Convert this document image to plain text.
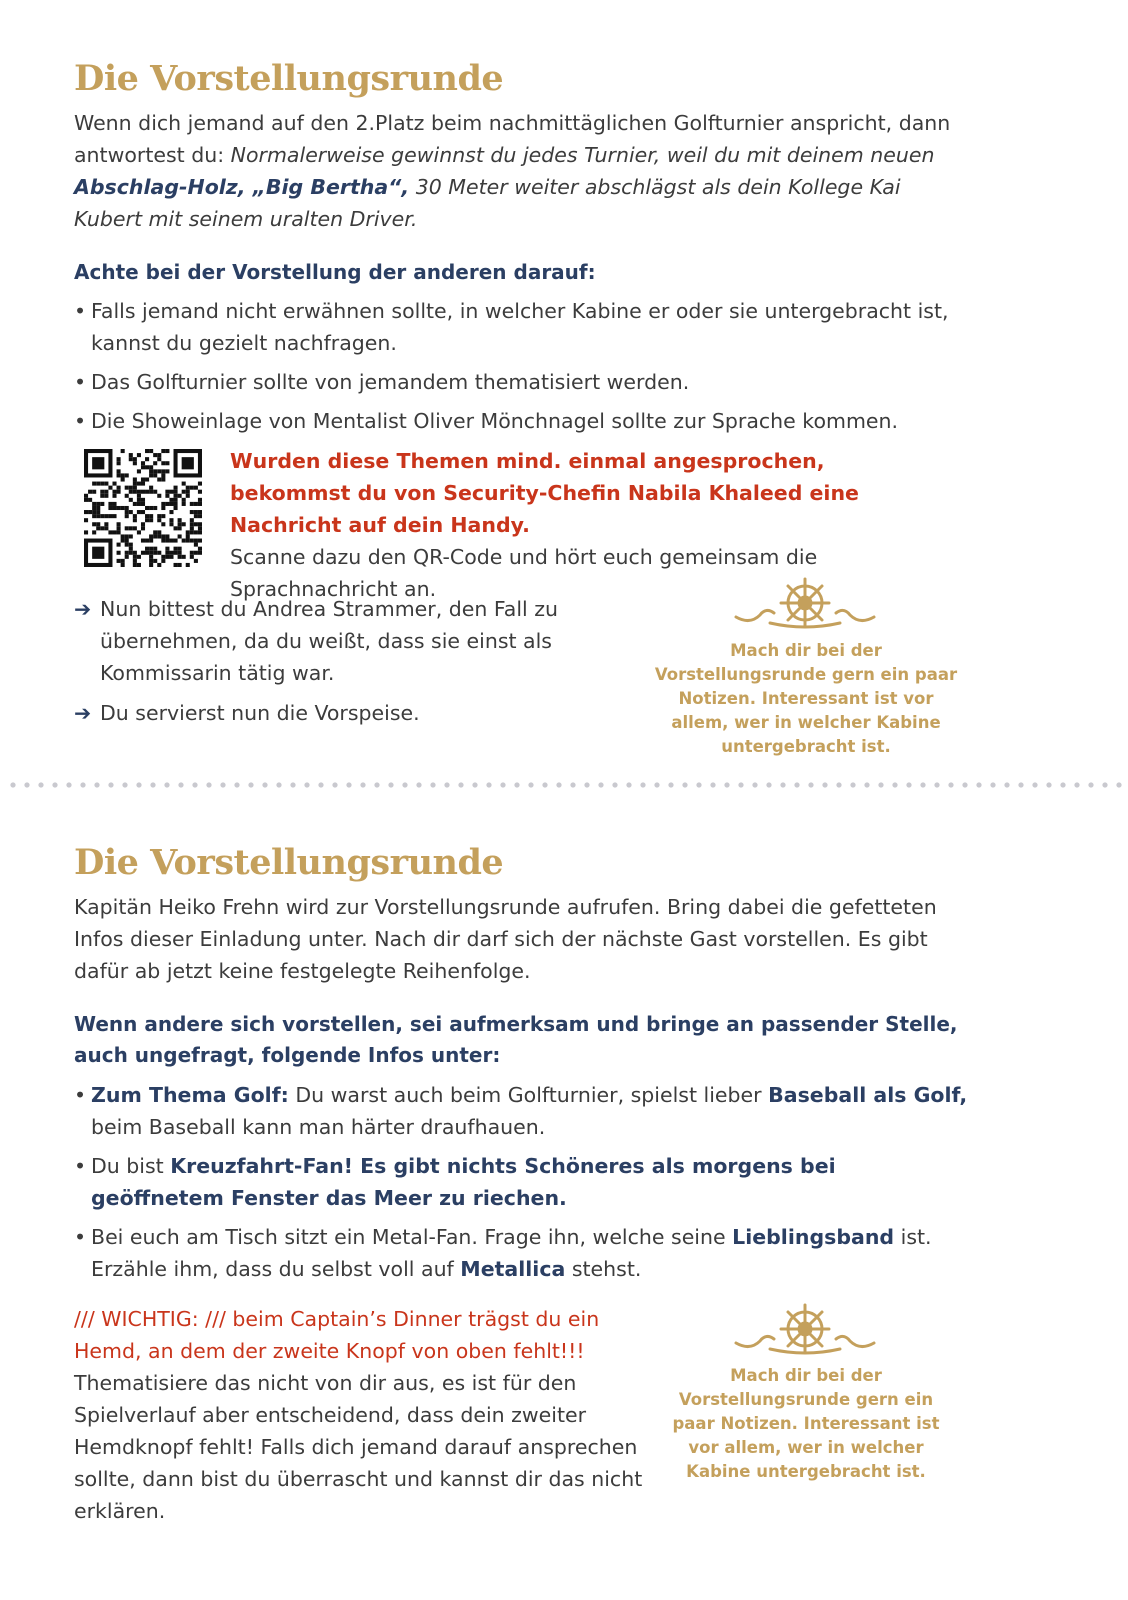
Die Vorstellungsrunde
Wenn dich jemand auf den 2.Platz beim nachmittäglichen Golfturnier anspricht, dann antwortest du: Normalerweise gewinnst du jedes Turnier, weil du mit deinem neuen Abschlag-Holz, „Big Bertha“, 30 Meter weiter abschlägst als dein Kollege Kai Kubert mit seinem uralten Driver.
Achte bei der Vorstellung der anderen darauf:
• Falls jemand nicht erwähnen sollte, in welcher Kabine er oder sie untergebracht ist, kannst du gezielt nachfragen.
• Das Golfturnier sollte von jemandem thematisiert werden.
• Die Showeinlage von Mentalist Oliver Mönchnagel sollte zur Sprache kommen.
Wurden diese Themen mind. einmal angesprochen, bekommst du von Security-Chefin Nabila Khaleed eine Nachricht auf dein Handy.
Scanne dazu den QR-Code und hört euch gemeinsam die Sprachnachricht an.
➔ Nun bittest du Andrea Strammer, den Fall zu übernehmen, da du weißt, dass sie einst als Kommissarin tätig war.
➔ Du servierst nun die Vorspeise.
Mach dir bei der Vorstellungsrunde gern ein paar Notizen. Interessant ist vor allem, wer in welcher Kabine untergebracht ist.
Die Vorstellungsrunde
Kapitän Heiko Frehn wird zur Vorstellungsrunde aufrufen. Bring dabei die gefetteten Infos dieser Einladung unter. Nach dir darf sich der nächste Gast vorstellen. Es gibt dafür ab jetzt keine festgelegte Reihenfolge.
Wenn andere sich vorstellen, sei aufmerksam und bringe an passender Stelle, auch ungefragt, folgende Infos unter:
• Zum Thema Golf: Du warst auch beim Golfturnier, spielst lieber Baseball als Golf, beim Baseball kann man härter draufhauen.
• Du bist Kreuzfahrt-Fan! Es gibt nichts Schöneres als morgens bei geöffnetem Fenster das Meer zu riechen.
• Bei euch am Tisch sitzt ein Metal-Fan. Frage ihn, welche seine Lieblingsband ist. Erzähle ihm, dass du selbst voll auf Metallica stehst.
/// WICHTIG: /// beim Captain’s Dinner trägst du ein Hemd, an dem der zweite Knopf von oben fehlt!!! Thematisiere das nicht von dir aus, es ist für den Spielverlauf aber entscheidend, dass dein zweiter Hemdknopf fehlt! Falls dich jemand darauf ansprechen sollte, dann bist du überrascht und kannst dir das nicht erklären.
Mach dir bei der Vorstellungsrunde gern ein paar Notizen. Interessant ist vor allem, wer in welcher Kabine untergebracht ist.
